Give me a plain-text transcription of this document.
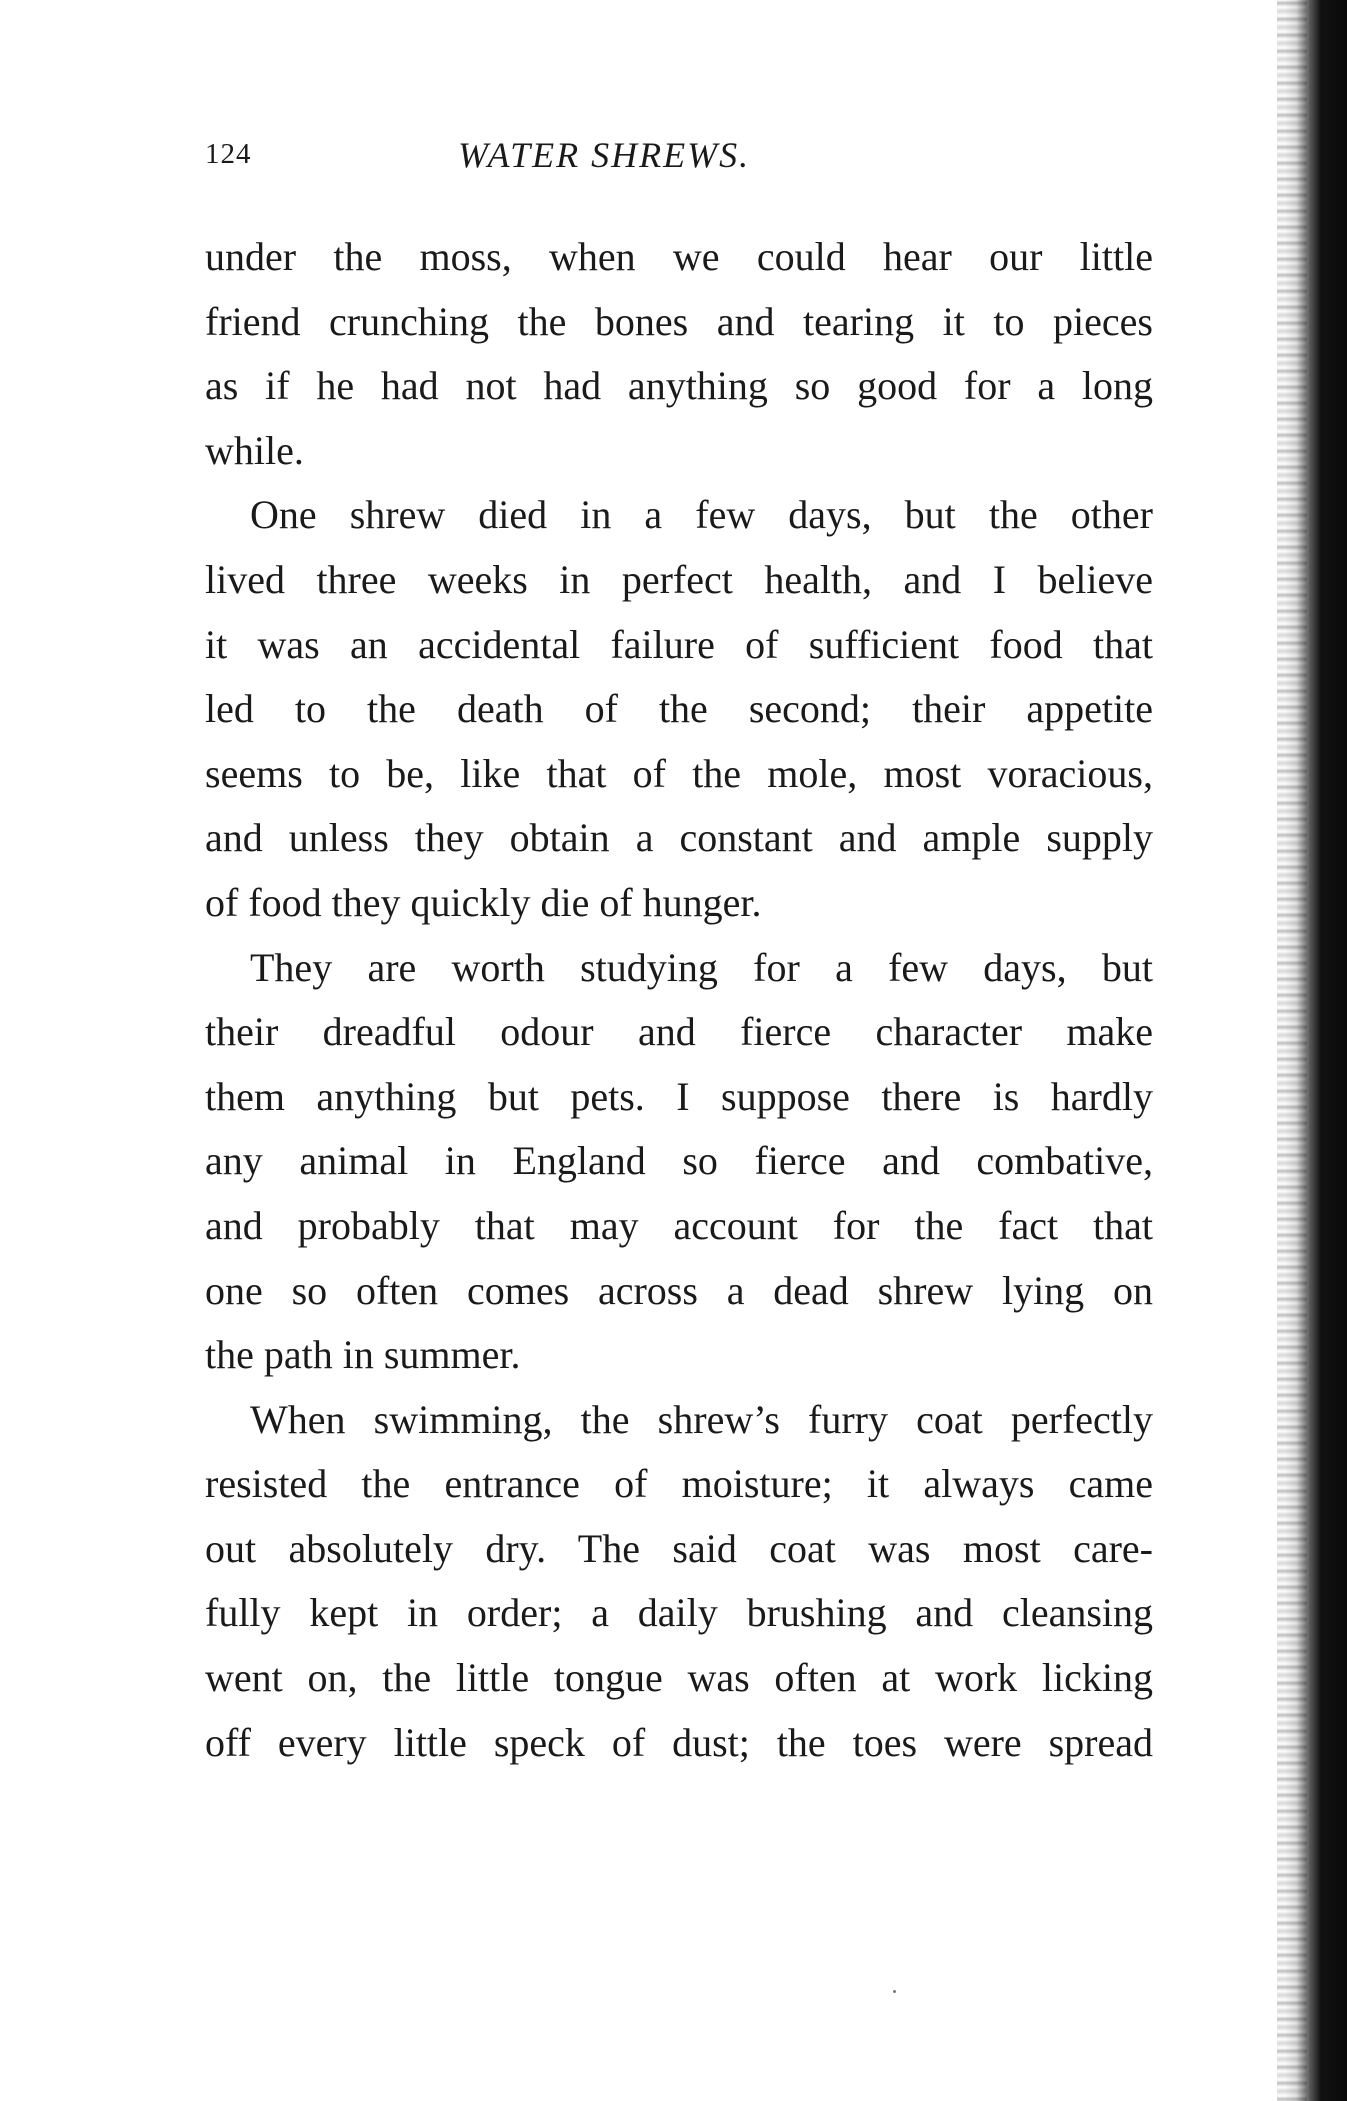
124	WATER SHREWS.

under the moss, when we could hear our little

friend crunching the bones and tearing it to pieces

as if he had not had anything so good for a long

while.

One shrew died in a few days, but the other

lived three weeks in perfect health, and I believe

it was an accidental failure of sufficient food that

led to the death of the second; their appetite

seems to be, like that of the mole, most voracious,

and unless they obtain a constant and ample supply

of food they quickly die of hunger.

They are worth studying for a few days, but

their dreadful odour and fierce character make

them anything but pets. I suppose there is hardly

any animal in England so fierce and combative,

and probably that may account for the fact that

one so often comes across a dead shrew lying on

the path in summer.

When swimming, the shrew’s furry coat perfectly

resisted the entrance of moisture; it always came

out absolutely dry. The said coat was most care-

fully kept in order; a daily brushing and cleansing

went on, the little tongue was often at work licking

off every little speck of dust; the toes were spread
